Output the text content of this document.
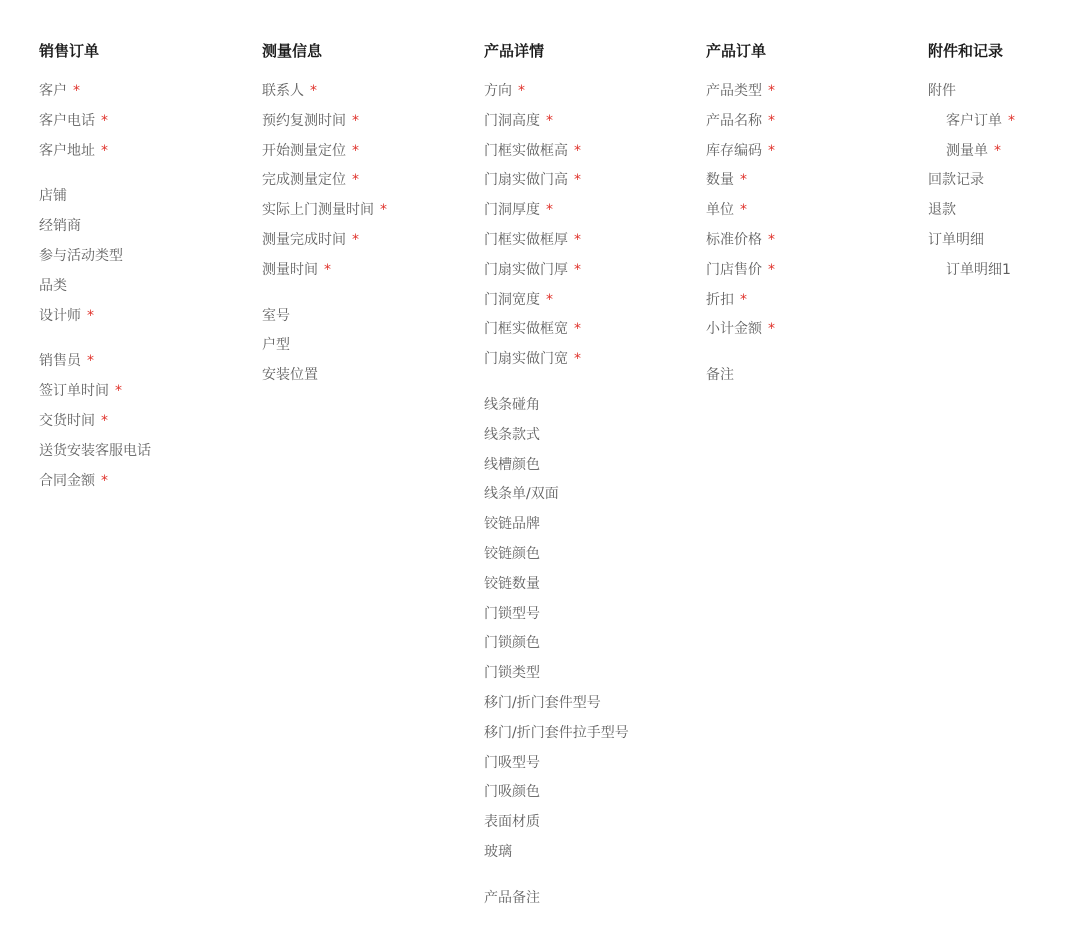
销售订单
客户 *
客户电话 *
客户地址 *
店铺
经销商
参与活动类型
品类
设计师 *
销售员 *
签订单时间 *
交货时间 *
送货安装客服电话
合同金额 *
测量信息
联系人 *
预约复测时间 *
开始测量定位 *
完成测量定位 *
实际上门测量时间 *
测量完成时间 *
测量时间 *
室号
户型
安装位置
产品详情
方向 *
门洞高度 *
门框实做框高 *
门扇实做门高 *
门洞厚度 *
门框实做框厚 *
门扇实做门厚 *
门洞宽度 *
门框实做框宽 *
门扇实做门宽 *
线条碰角
线条款式
线槽颜色
线条单/双面
铰链品牌
铰链颜色
铰链数量
门锁型号
门锁颜色
门锁类型
移门/折门套件型号
移门/折门套件拉手型号
门吸型号
门吸颜色
表面材质
玻璃
产品备注
产品订单
产品类型 *
产品名称 *
库存编码 *
数量 *
单位 *
标准价格 *
门店售价 *
折扣 *
小计金额 *
备注
附件和记录
附件
客户订单 *
测量单 *
回款记录
退款
订单明细
订单明细1
